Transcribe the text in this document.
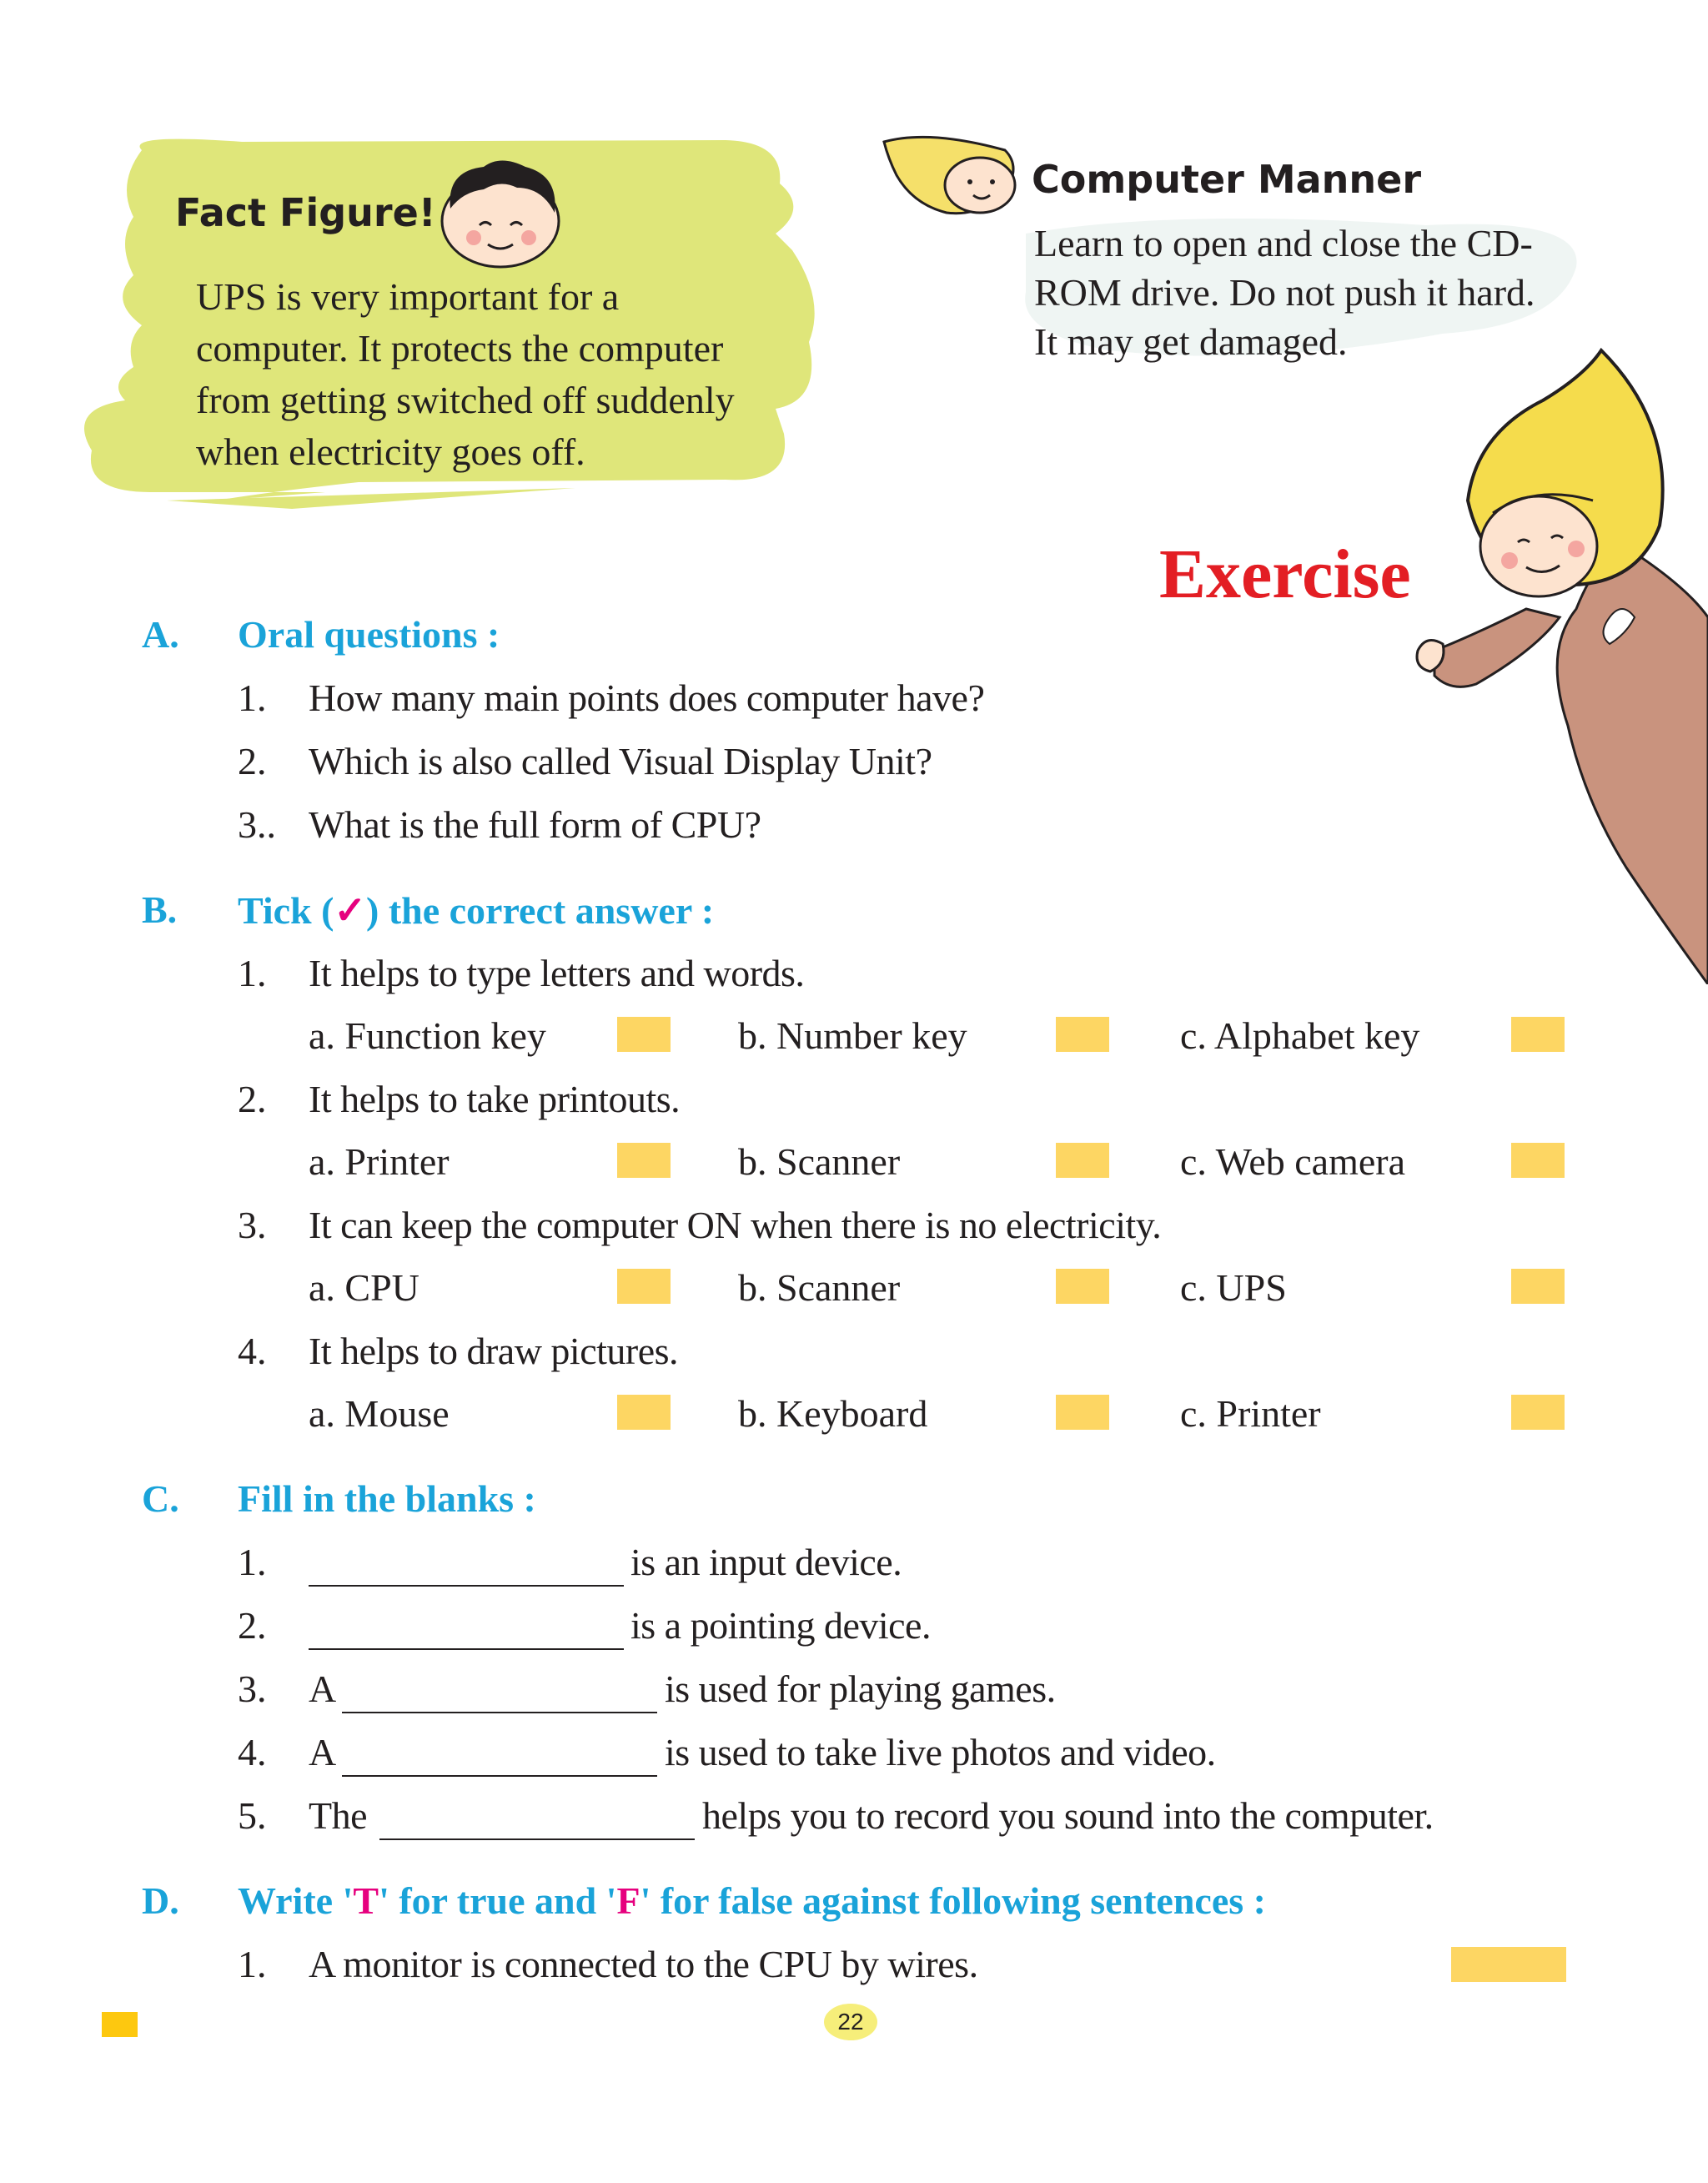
Fact Figure!
UPS is very important for a
computer. It protects the computer
from getting switched off suddenly
when electricity goes off.
Computer Manner
Learn to open and close the CD-
ROM drive. Do not push it hard.
It may get damaged.
Exercise
A. Oral questions :
1. How many main points does computer have?
2. Which is also called Visual Display Unit?
3.. What is the full form of CPU?
B. Tick (✓) the correct answer :
1. It helps to type letters and words.
a. Function key	b. Number key	c. Alphabet key
2. It helps to take printouts.
a. Printer	b. Scanner	c. Web camera
3. It can keep the computer ON when there is no electricity.
a. CPU	b. Scanner	c. UPS
4. It helps to draw pictures.
a. Mouse	b. Keyboard	c. Printer
C. Fill in the blanks :
1.	is an input device.
2.	is a pointing device.
3. A	is used for playing games.
4. A	is used to take live photos and video.
5. The	helps you to record you sound into the computer.
D. Write 'T' for true and 'F' for false against following sentences :
1. A monitor is connected to the CPU by wires.
22
